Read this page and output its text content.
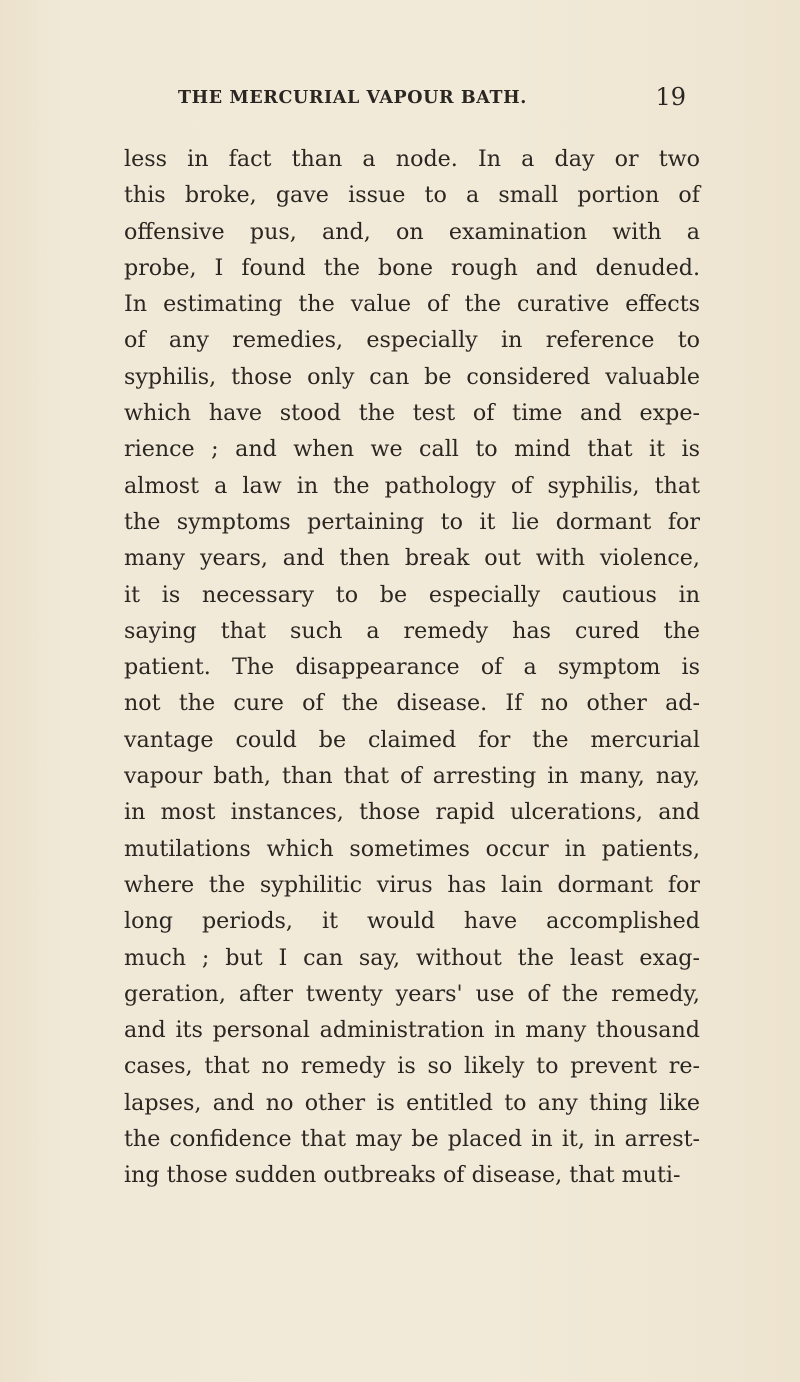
THE MERCURIAL VAPOUR BATH.	19
less in fact than a node. In a day or two
this broke, gave issue to a small portion of
offensive pus, and, on examination with a
probe, I found the bone rough and denuded.
In estimating the value of the curative effects
of any remedies, especially in reference to
syphilis, those only can be considered valuable
which have stood the test of time and expe-
rience ; and when we call to mind that it is
almost a law in the pathology of syphilis, that
the symptoms pertaining to it lie dormant for
many years, and then break out with violence,
it is necessary to be especially cautious in
saying that such a remedy has cured the
patient. The disappearance of a symptom is
not the cure of the disease. If no other ad-
vantage could be claimed for the mercurial
vapour bath, than that of arresting in many, nay,
in most instances, those rapid ulcerations, and
mutilations which sometimes occur in patients,
where the syphilitic virus has lain dormant for
long periods, it would have accomplished
much ; but I can say, without the least exag-
geration, after twenty years' use of the remedy,
and its personal administration in many thousand
cases, that no remedy is so likely to prevent re-
lapses, and no other is entitled to any thing like
the confidence that may be placed in it, in arrest-
ing those sudden outbreaks of disease, that muti-
